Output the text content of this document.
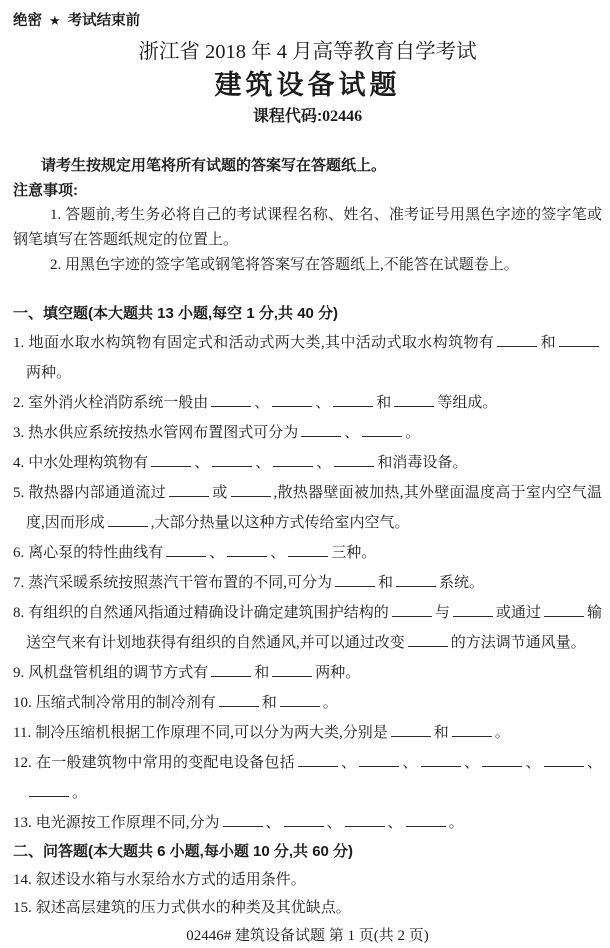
绝密 ★ 考试结束前
浙江省 2018 年 4 月高等教育自学考试
建筑设备试题
课程代码:02446

请考生按规定用笔将所有试题的答案写在答题纸上。

注意事项:

1. 答题前,考生务必将自己的考试课程名称、姓名、准考证号用黑色字迹的签字笔或钢笔填写在答题纸规定的位置上。

2. 用黑色字迹的签字笔或钢笔将答案写在答题纸上,不能答在试题卷上。

一、填空题(本大题共 13 小题,每空 1 分,共 40 分)
1. 地面水取水构筑物有固定式和活动式两大类,其中活动式取水构筑物有	和两种。
2. 室外消火栓消防系统一般由	、	、	和	等组成。
3. 热水供应系统按热水管网布置图式可分为	、	。
4. 中水处理构筑物有	、	、	、	和消毒设备。
5. 散热器内部通道流过	或	,散热器壁面被加热,其外壁面温度高于室内空气温度,因而形成	,大部分热量以这种方式传给室内空气。
6. 离心泵的特性曲线有	、	、	三种。
7. 蒸汽采暖系统按照蒸汽干管布置的不同,可分为	和	系统。
8. 有组织的自然通风指通过精确设计确定建筑围护结构的	与	或通过	输送空气来有计划地获得有组织的自然通风,并可以通过改变	的方法调节通风量。
9. 风机盘管机组的调节方式有	和	两种。
10. 压缩式制冷常用的制冷剂有	和	。
11. 制冷压缩机根据工作原理不同,可以分为两大类,分别是	和	。
12. 在一般建筑物中常用的变配电设备包括	、	、	、	、	、。
13. 电光源按工作原理不同,分为	、	、	、	。
二、问答题(本大题共 6 小题,每小题 10 分,共 60 分)
14. 叙述设水箱与水泵给水方式的适用条件。
15. 叙述高层建筑的压力式供水的种类及其优缺点。
02446# 建筑设备试题 第 1 页(共 2 页)
